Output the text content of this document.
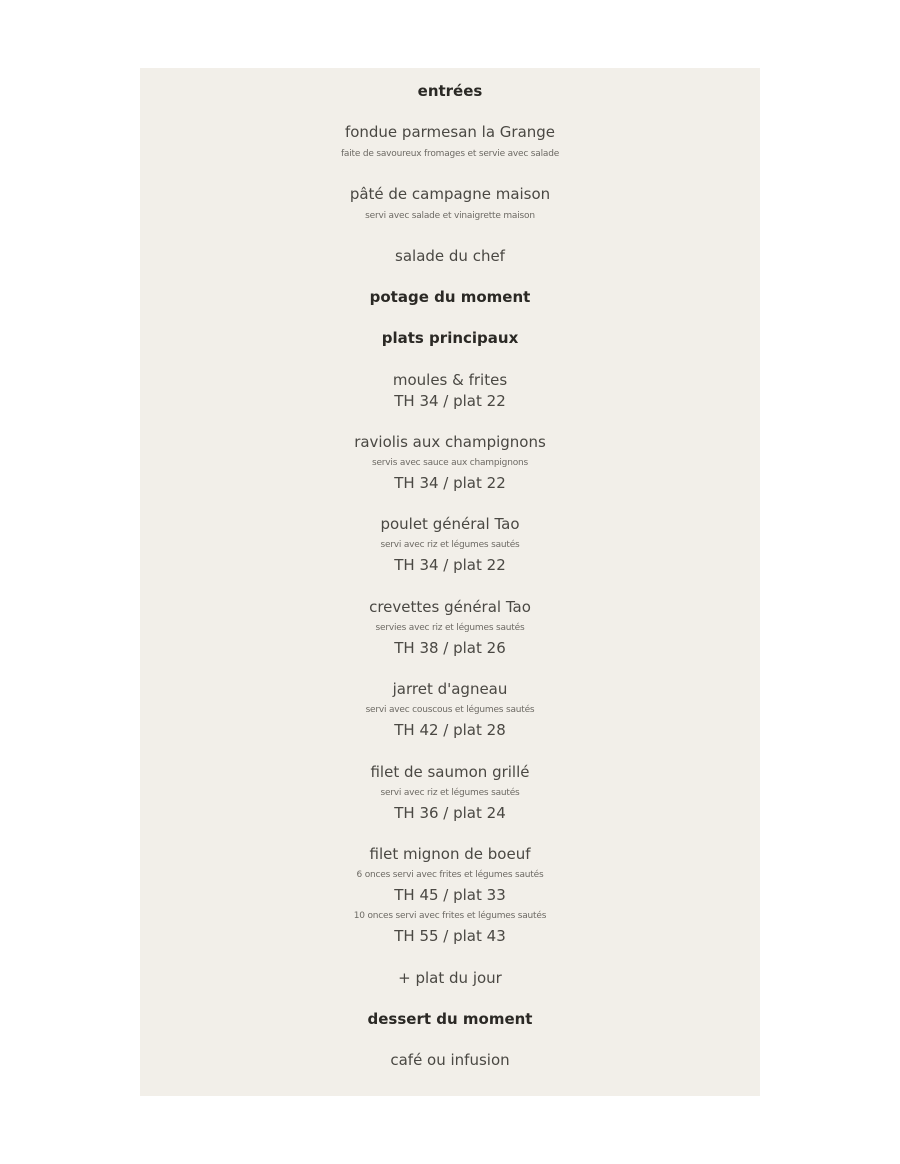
entrées
fondue parmesan la Grange
faite de savoureux fromages et servie avec salade
pâté de campagne maison
servi avec salade et vinaigrette maison
salade du chef
potage du moment
plats principaux
moules & frites
TH 34 / plat 22
raviolis aux champignons
servis avec sauce aux champignons
TH 34 / plat 22
poulet général Tao
servi avec riz et légumes sautés
TH 34 / plat 22
crevettes général Tao
servies avec riz et légumes sautés
TH 38 / plat 26
jarret d'agneau
servi avec couscous et légumes sautés
TH 42 / plat 28
filet de saumon grillé
servi avec riz et légumes sautés
TH 36 / plat 24
filet mignon de boeuf
6 onces servi avec frites et légumes sautés
TH 45 / plat 33
10 onces servi avec frites et légumes sautés
TH 55 / plat 43
+ plat du jour
dessert du moment
café ou infusion
